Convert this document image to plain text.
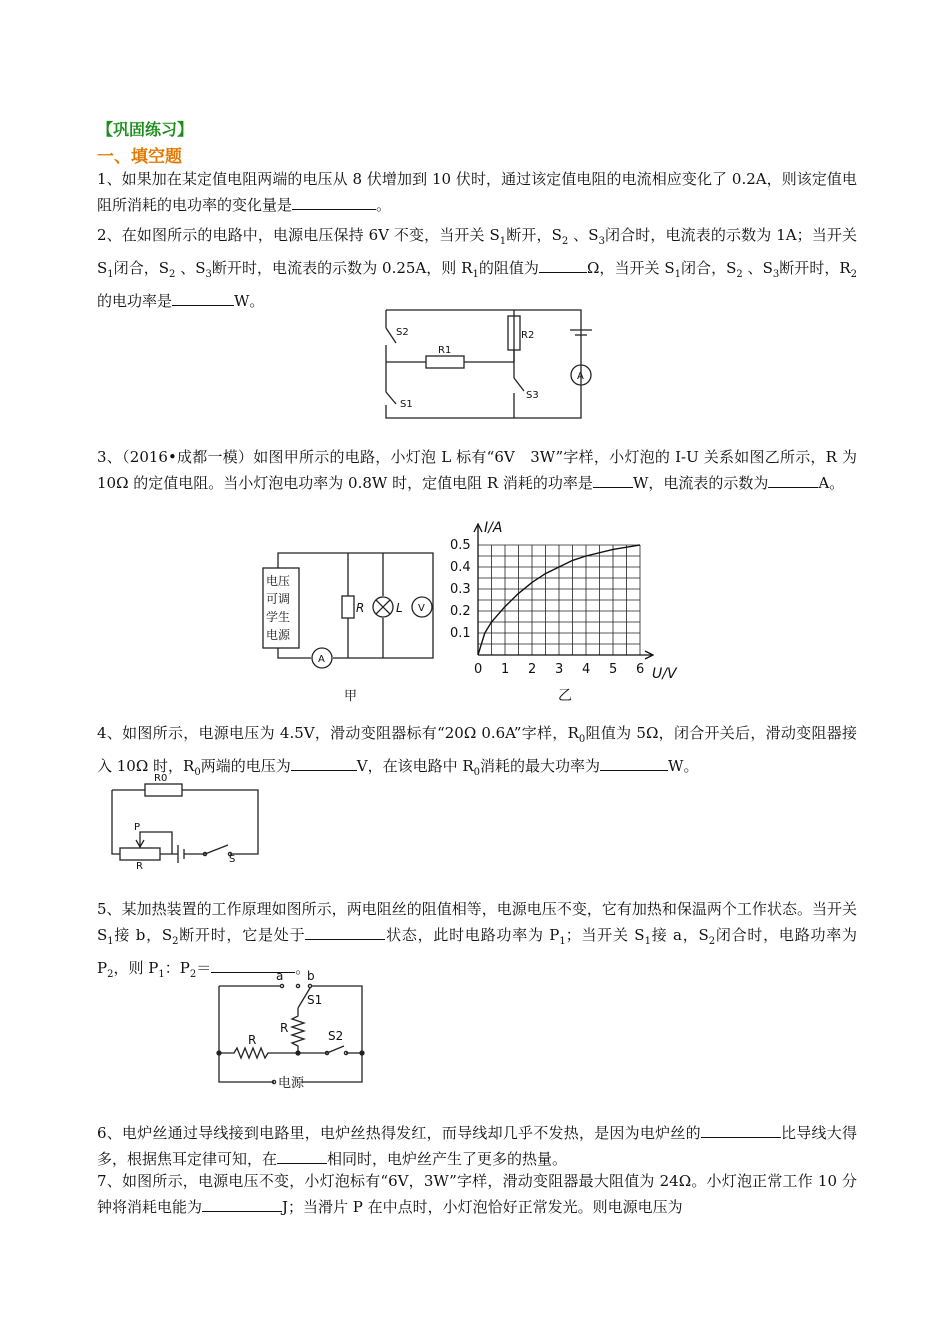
【巩固练习】
一、填空题
1、如果加在某定值电阻两端的电压从 8 伏增加到 10 伏时，通过该定值电阻的电流相应变化了 0.2A，则该定值电阻所消耗的电功率的变化量是	。
2、在如图所示的电路中，电源电压保持 6V 不变，当开关 $S_1$断开，$S_2$ 、$S_3$闭合时，电流表的示数为 1A；当开关 $S_1$闭合，$S_2$ 、$S_3$断开时，电流表的示数为 0.25A，则 $R_1$的阻值为	Ω，当开关 $S_1$闭合，$S_2$ 、$S_3$断开时，$R_2$的电功率是	W。
S2
S1
R1
R2
S3
A
3、（2016•成都一模）如图甲所示的电路，小灯泡 L 标有“6V　3W”字样，小灯泡的 I-U 关系如图乙所示，R 为 10Ω 的定值电阻。当小灯泡电功率为 0.8W 时，定值电阻 R 消耗的功率是	W，电流表的示数为	A。
电压
可调
学生
电源
A
R	L V
甲
0 1 2 3 4 5 6
0.1
0.2
0.3
0.4
0.5
I/A
U/V
乙
4、如图所示，电源电压为 4.5V，滑动变阻器标有“20Ω 0.6A”字样，$R_0$阻值为 5Ω，闭合开关后，滑动变阻器接入 10Ω 时，$R_0$两端的电压为	V，在该电路中 $R_0$消耗的最大功率为	W。
R0
P
R
S
5、某加热装置的工作原理如图所示，两电阻丝的阻值相等，电源电压不变，它有加热和保温两个工作状态。当开关 $S_1$接 b，$S_2$断开时，它是处于	状态，此时电路功率为 $P_1$；当开关 $S_1$接 a，$S_2$闭合时，电路功率为 $P_2$，则 $P_1$：$P_2=$	。
a b
S1
R
R	S2
电源
6、电炉丝通过导线接到电路里，电炉丝热得发红，而导线却几乎不发热，是因为电炉丝的	比导线大得多，根据焦耳定律可知，在	相同时，电炉丝产生了更多的热量。
7、如图所示，电源电压不变，小灯泡标有“6V，3W”字样，滑动变阻器最大阻值为 24Ω。小灯泡正常工作 10 分钟将消耗电能为	J；当滑片 P 在中点时，小灯泡恰好正常发光。则电源电压为
